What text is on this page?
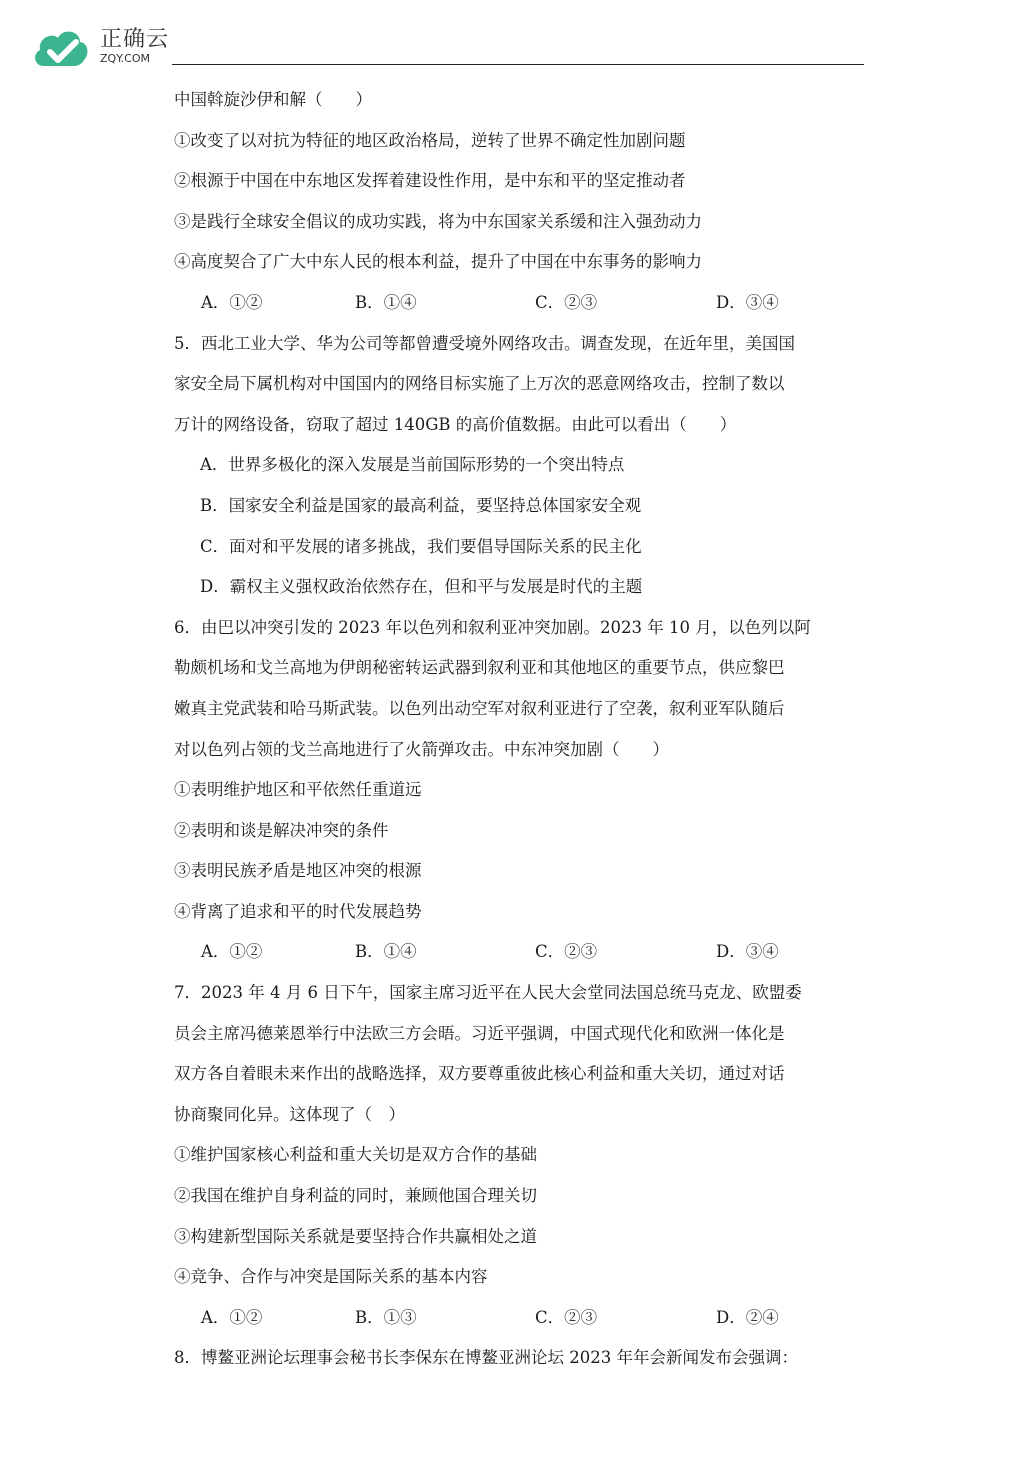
正确云
ZQY.COM
中国斡旋沙伊和解（　　）
①改变了以对抗为特征的地区政治格局，逆转了世界不确定性加剧问题
②根源于中国在中东地区发挥着建设性作用，是中东和平的坚定推动者
③是践行全球安全倡议的成功实践，将为中东国家关系缓和注入强劲动力
④高度契合了广大中东人民的根本利益，提升了中国在中东事务的影响力
A．①②	B．①④	C．②③	D．③④
5．西北工业大学、华为公司等都曾遭受境外网络攻击。调查发现，在近年里，美国国
家安全局下属机构对中国国内的网络目标实施了上万次的恶意网络攻击，控制了数以
万计的网络设备，窃取了超过 140GB 的高价值数据。由此可以看出（　　）
A．世界多极化的深入发展是当前国际形势的一个突出特点
B．国家安全利益是国家的最高利益，要坚持总体国家安全观
C．面对和平发展的诸多挑战，我们要倡导国际关系的民主化
D．霸权主义强权政治依然存在，但和平与发展是时代的主题
6．由巴以冲突引发的 2023 年以色列和叙利亚冲突加剧。2023 年 10 月，以色列以阿
勒颇机场和戈兰高地为伊朗秘密转运武器到叙利亚和其他地区的重要节点，供应黎巴
嫩真主党武装和哈马斯武装。以色列出动空军对叙利亚进行了空袭，叙利亚军队随后
对以色列占领的戈兰高地进行了火箭弹攻击。中东冲突加剧（　　）
①表明维护地区和平依然任重道远
②表明和谈是解决冲突的条件
③表明民族矛盾是地区冲突的根源
④背离了追求和平的时代发展趋势
A．①②	B．①④	C．②③	D．③④
7．2023 年 4 月 6 日下午，国家主席习近平在人民大会堂同法国总统马克龙、欧盟委
员会主席冯德莱恩举行中法欧三方会晤。习近平强调，中国式现代化和欧洲一体化是
双方各自着眼未来作出的战略选择，双方要尊重彼此核心利益和重大关切，通过对话
协商聚同化异。这体现了（　）
①维护国家核心利益和重大关切是双方合作的基础
②我国在维护自身利益的同时，兼顾他国合理关切
③构建新型国际关系就是要坚持合作共赢相处之道
④竞争、合作与冲突是国际关系的基本内容
A．①②	B．①③	C．②③	D．②④
8．博鳌亚洲论坛理事会秘书长李保东在博鳌亚洲论坛 2023 年年会新闻发布会强调：
